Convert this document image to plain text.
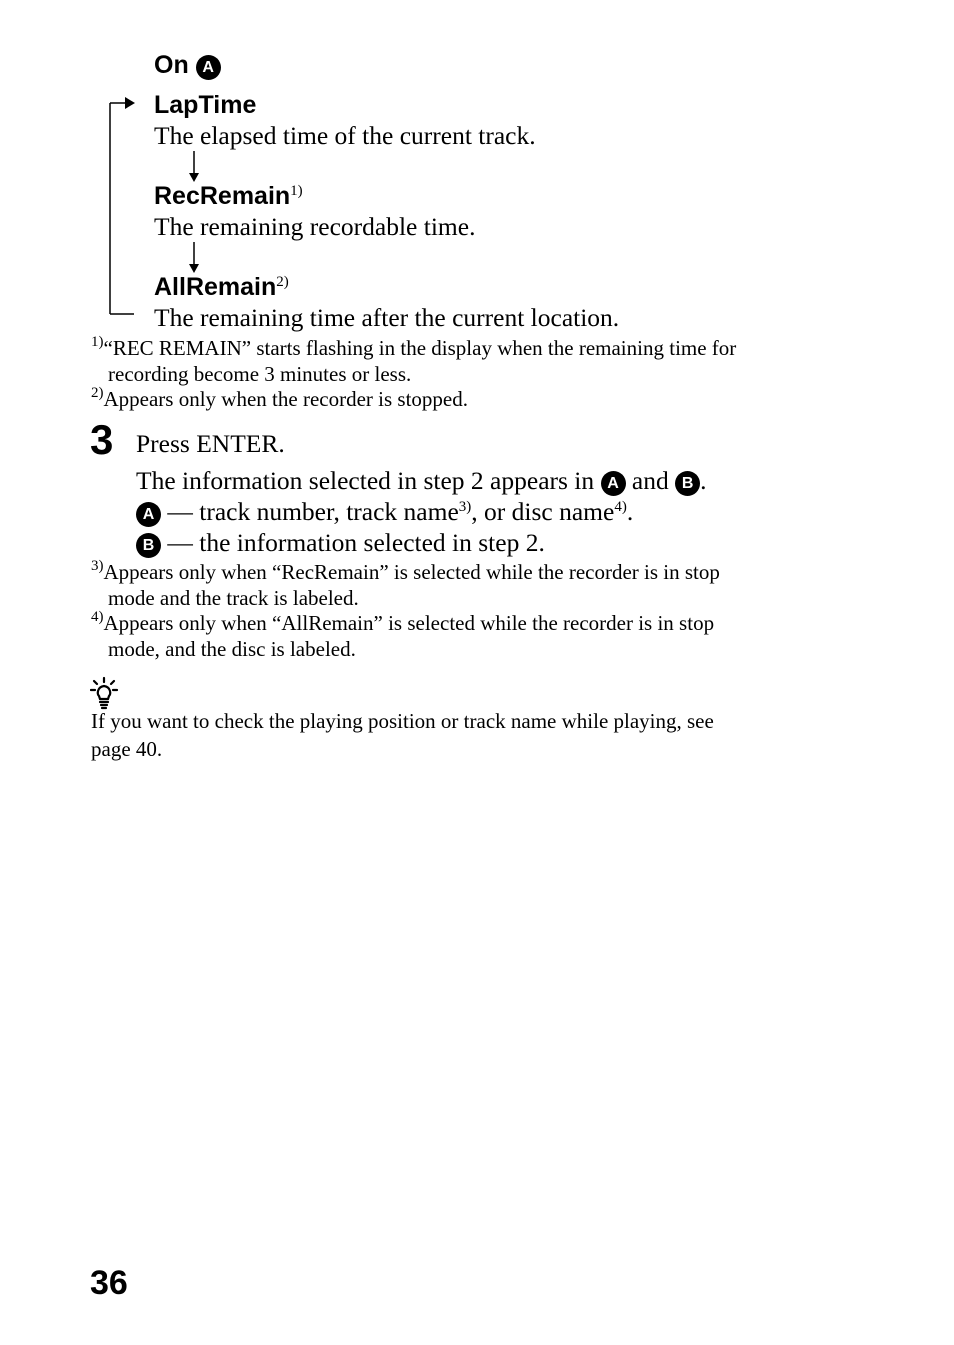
On A
LapTime
The elapsed time of the current track.
RecRemain$^{1)}$
The remaining recordable time.
AllRemain$^{2)}$
The remaining time after the current location.
$^{1)}$“REC REMAIN” starts flashing in the display when the remaining time for
recording become 3 minutes or less.
$^{2)}$Appears only when the recorder is stopped.
3 Press ENTER.
The information selected in step 2 appears in A and B .
A — track number, track name$^{3)}$, or disc name$^{4)}$.
B — the information selected in step 2.
$^{3)}$Appears only when “RecRemain” is selected while the recorder is in stop
mode and the track is labeled.
$^{4)}$Appears only when “AllRemain” is selected while the recorder is in stop
mode, and the disc is labeled.
If you want to check the playing position or track name while playing, see
page 40.
36
